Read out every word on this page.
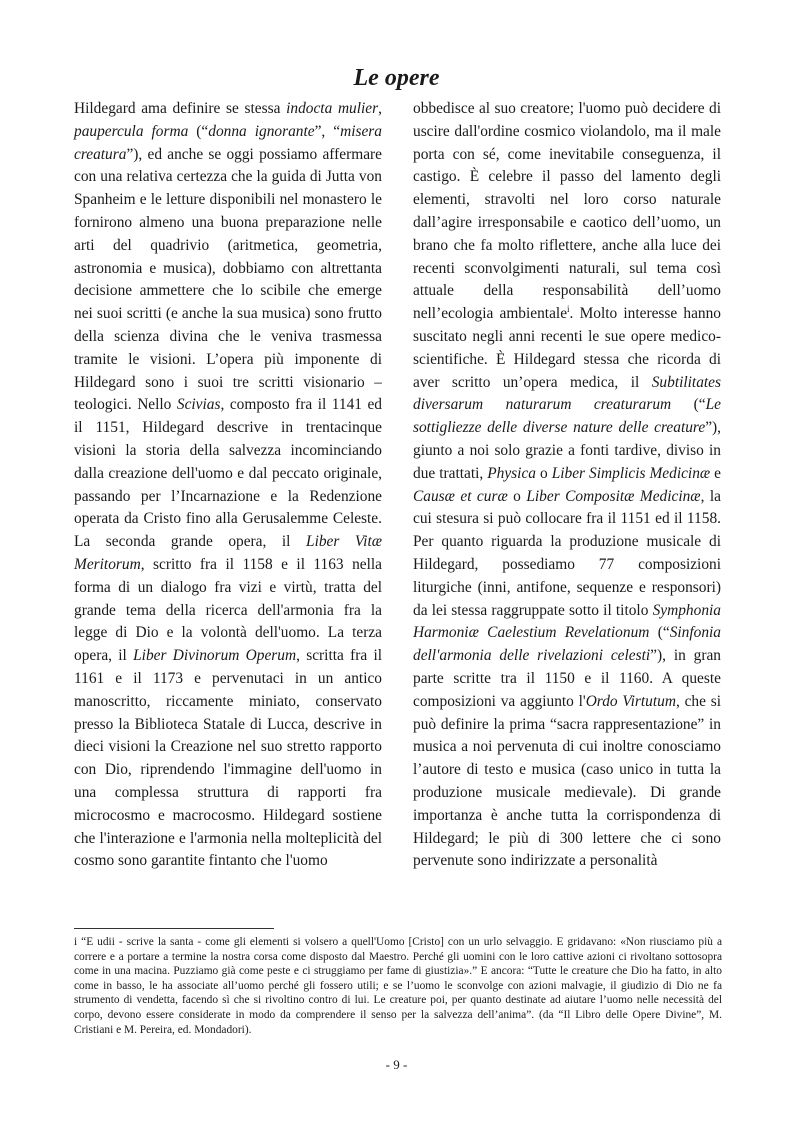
Le opere

Hildegard ama definire se stessa indocta mulier, paupercula forma (“donna ignorante”, “misera creatura”), ed anche se oggi possiamo affermare con una relativa certezza che la guida di Jutta von Spanheim e le letture disponibili nel monastero le fornirono almeno una buona preparazione nelle arti del quadrivio (aritmetica, geometria, astronomia e musica), dobbiamo con altrettanta decisione ammettere che lo scibile che emerge nei suoi scritti (e anche la sua musica) sono frutto della scienza divina che le veniva trasmessa tramite le visioni. L’opera più imponente di Hildegard sono i suoi tre scritti visionario – teologici. Nello Scivias, composto fra il 1141 ed il 1151, Hildegard descrive in trentacinque visioni la storia della salvezza incominciando dalla creazione dell'uomo e dal peccato originale, passando per l’Incarnazione e la Redenzione operata da Cristo fino alla Gerusalemme Celeste. La seconda grande opera, il Liber Vitæ Meritorum, scritto fra il 1158 e il 1163 nella forma di un dialogo fra vizi e virtù, tratta del grande tema della ricerca dell'armonia fra la legge di Dio e la volontà dell'uomo. La terza opera, il Liber Divinorum Operum, scritta fra il 1161 e il 1173 e pervenutaci in un antico manoscritto, riccamente miniato, conservato presso la Biblioteca Statale di Lucca, descrive in dieci visioni la Creazione nel suo stretto rapporto con Dio, riprendendo l'immagine dell'uomo in una complessa struttura di rapporti fra microcosmo e macrocosmo. Hildegard sostiene che l'interazione e l'armonia nella molteplicità del cosmo sono garantite fintanto che l'uomo

obbedisce al suo creatore; l'uomo può decidere di uscire dall'ordine cosmico violandolo, ma il male porta con sé, come inevitabile conseguenza, il castigo. È celebre il passo del lamento degli elementi, stravolti nel loro corso naturale dall’agire irresponsabile e caotico dell’uomo, un brano che fa molto riflettere, anche alla luce dei recenti sconvolgimenti naturali, sul tema così attuale della responsabilità dell’uomo nell’ecologia ambientale$^i$. Molto interesse hanno suscitato negli anni recenti le sue opere medico-scientifiche. È Hildegard stessa che ricorda di aver scritto un’opera medica, il Subtilitates diversarum naturarum creaturarum (“Le sottigliezze delle diverse nature delle creature”), giunto a noi solo grazie a fonti tardive, diviso in due trattati, Physica o Liber Simplicis Medicinæ e Causæ et curæ o Liber Compositæ Medicinæ, la cui stesura si può collocare fra il 1151 ed il 1158. Per quanto riguarda la produzione musicale di Hildegard, possediamo 77 composizioni liturgiche (inni, antifone, sequenze e responsori) da lei stessa raggruppate sotto il titolo Symphonia Harmoniæ Caelestium Revelationum (“Sinfonia dell'armonia delle rivelazioni celesti”), in gran parte scritte tra il 1150 e il 1160. A queste composizioni va aggiunto l'Ordo Virtutum, che si può definire la prima “sacra rappresentazione” in musica a noi pervenuta di cui inoltre conosciamo l’autore di testo e musica (caso unico in tutta la produzione musicale medievale). Di grande importanza è anche tutta la corrispondenza di Hildegard; le più di 300 lettere che ci sono pervenute sono indirizzate a personalità

i “E udii - scrive la santa - come gli elementi si volsero a quell'Uomo [Cristo] con un urlo selvaggio. E gridavano: «Non riusciamo più a correre e a portare a termine la nostra corsa come disposto dal Maestro. Perché gli uomini con le loro cattive azioni ci rivoltano sottosopra come in una macina. Puzziamo già come peste e ci struggiamo per fame di giustizia».” E ancora: “Tutte le creature che Dio ha fatto, in alto come in basso, le ha associate all’uomo perché gli fossero utili; e se l’uomo le sconvolge con azioni malvagie, il giudizio di Dio ne fa strumento di vendetta, facendo sì che si rivoltino contro di lui. Le creature poi, per quanto destinate ad aiutare l’uomo nelle necessità del corpo, devono essere considerate in modo da comprendere il senso per la salvezza dell’anima”. (da “Il Libro delle Opere Divine”, M. Cristiani e M. Pereira, ed. Mondadori).

- 9 -
